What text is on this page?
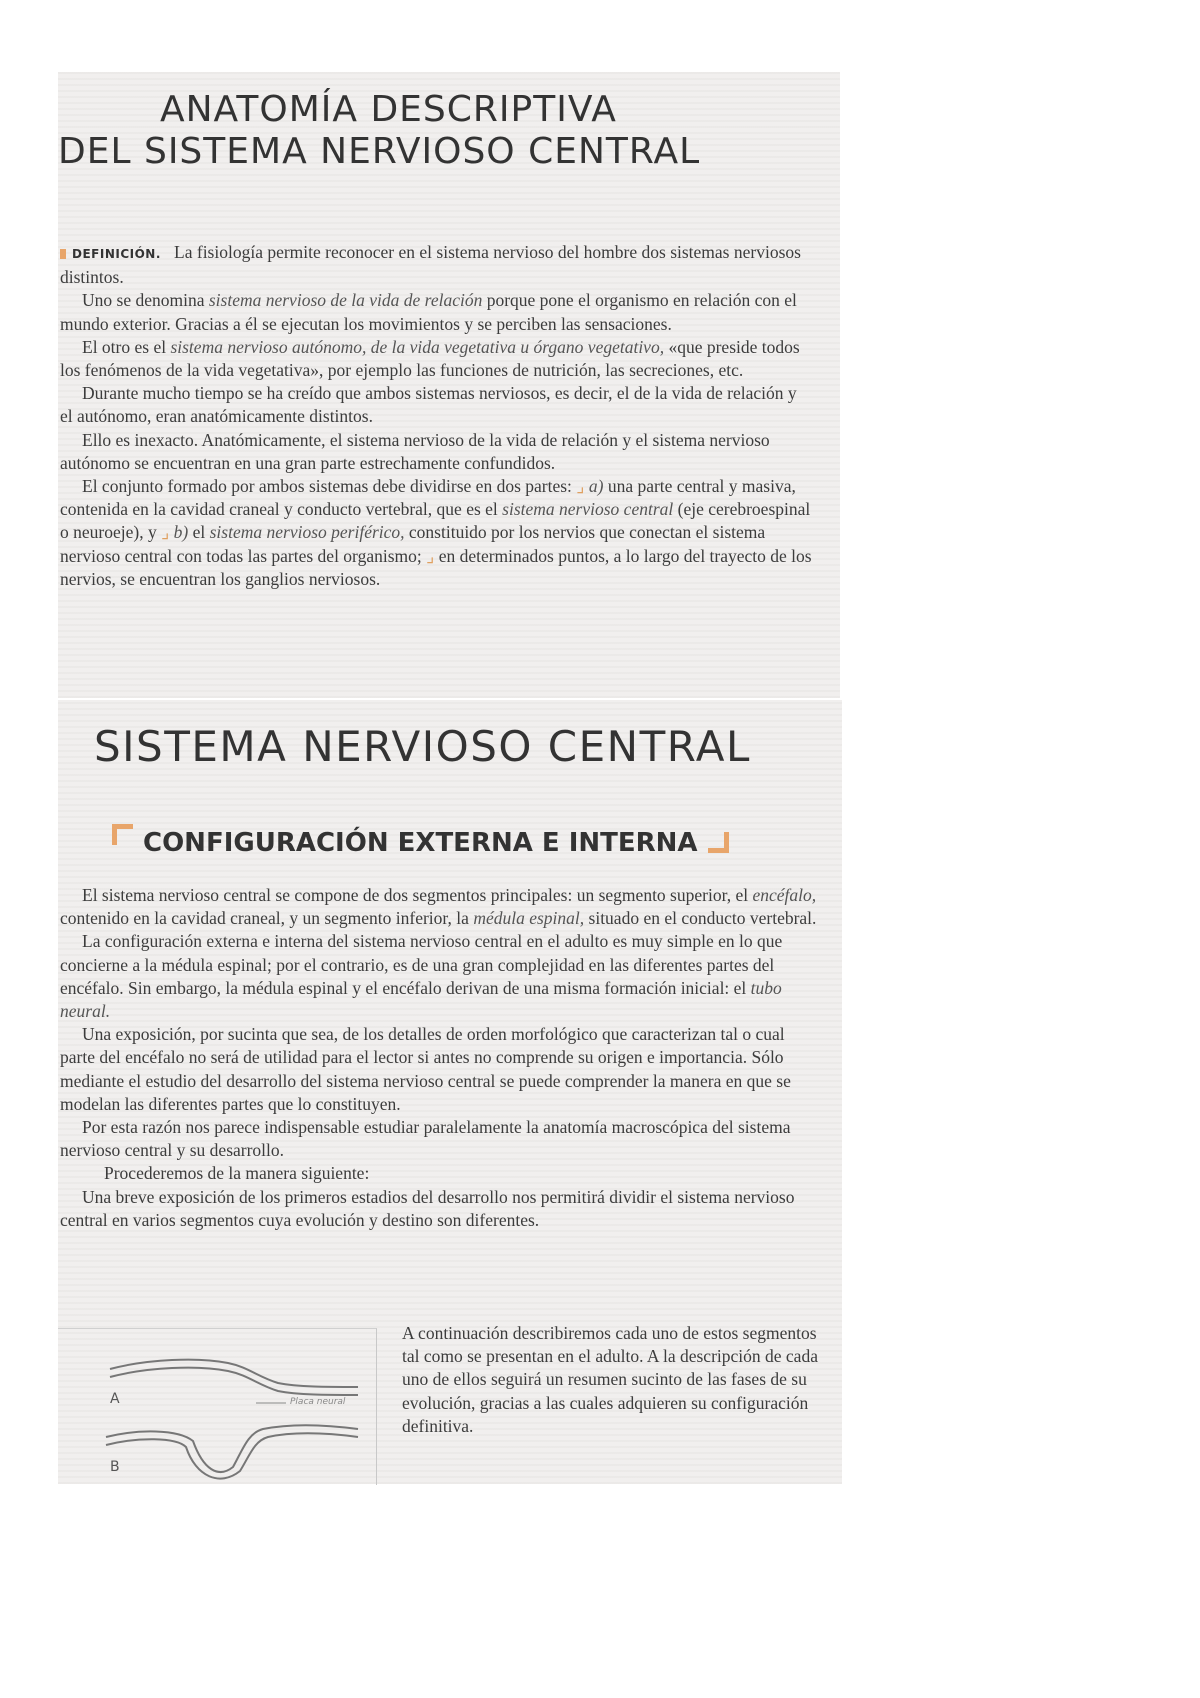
ANATOMÍA DESCRIPTIVA
DEL SISTEMA NERVIOSO CENTRAL
DEFINICIÓN. La fisiología permite reconocer en el sistema nervioso del hombre dos sistemas nerviosos distintos.
Uno se denomina sistema nervioso de la vida de relación porque pone el organismo en relación con el mundo exterior. Gracias a él se ejecutan los movimientos y se perciben las sensaciones.
El otro es el sistema nervioso autónomo, de la vida vegetativa u órgano vegetativo, «que preside todos los fenómenos de la vida vegetativa», por ejemplo las funciones de nutrición, las secreciones, etc.
Durante mucho tiempo se ha creído que ambos sistemas nerviosos, es decir, el de la vida de relación y el autónomo, eran anatómicamente distintos.
Ello es inexacto. Anatómicamente, el sistema nervioso de la vida de relación y el sistema nervioso autónomo se encuentran en una gran parte estrechamente confundidos.
El conjunto formado por ambos sistemas debe dividirse en dos partes: ⌟ a) una parte central y masiva, contenida en la cavidad craneal y conducto vertebral, que es el sistema nervioso central (eje cerebroespinal o neuroeje), y ⌟ b) el sistema nervioso periférico, constituido por los nervios que conectan el sistema nervioso central con todas las partes del organismo; ⌟ en determinados puntos, a lo largo del trayecto de los nervios, se encuentran los ganglios nerviosos.
SISTEMA NERVIOSO CENTRAL
CONFIGURACIÓN EXTERNA E INTERNA
El sistema nervioso central se compone de dos segmentos principales: un segmento superior, el encéfalo, contenido en la cavidad craneal, y un segmento inferior, la médula espinal, situado en el conducto vertebral.
La configuración externa e interna del sistema nervioso central en el adulto es muy simple en lo que concierne a la médula espinal; por el contrario, es de una gran complejidad en las diferentes partes del encéfalo. Sin embargo, la médula espinal y el encéfalo derivan de una misma formación inicial: el tubo neural.
Una exposición, por sucinta que sea, de los detalles de orden morfológico que caracterizan tal o cual parte del encéfalo no será de utilidad para el lector si antes no comprende su origen e importancia. Sólo mediante el estudio del desarrollo del sistema nervioso central se puede comprender la manera en que se modelan las diferentes partes que lo constituyen.
Por esta razón nos parece indispensable estudiar paralelamente la anatomía macroscópica del sistema nervioso central y su desarrollo.
Procederemos de la manera siguiente:
Una breve exposición de los primeros estadios del desarrollo nos permitirá dividir el sistema nervioso central en varios segmentos cuya evolución y destino son diferentes.
A continuación describiremos cada uno de estos segmentos tal como se presentan en el adulto. A la descripción de cada uno de ellos seguirá un resumen sucinto de las fases de su evolución, gracias a las cuales adquieren su configuración definitiva.
A
B
Placa neural
